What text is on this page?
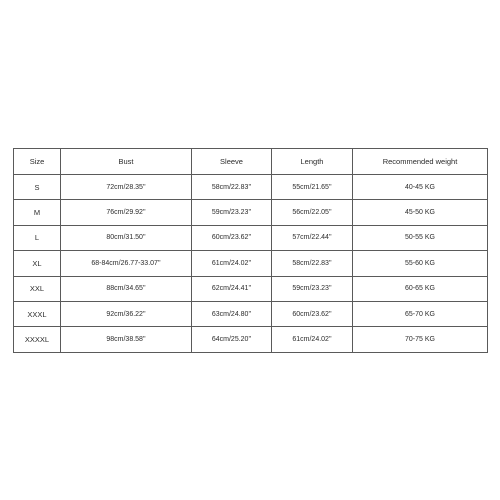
Size	Bust	Sleeve	Length	Recommended weight
S	72cm/28.35''	58cm/22.83''	55cm/21.65''	40-45 KG
M	76cm/29.92''	59cm/23.23''	56cm/22.05''	45-50 KG
L	80cm/31.50''	60cm/23.62''	57cm/22.44''	50-55 KG
XL	68-84cm/26.77-33.07''	61cm/24.02''	58cm/22.83''	55-60 KG
XXL	88cm/34.65''	62cm/24.41''	59cm/23.23''	60-65 KG
XXXL	92cm/36.22''	63cm/24.80''	60cm/23.62''	65-70 KG
XXXXL	98cm/38.58''	64cm/25.20''	61cm/24.02''	70-75 KG
